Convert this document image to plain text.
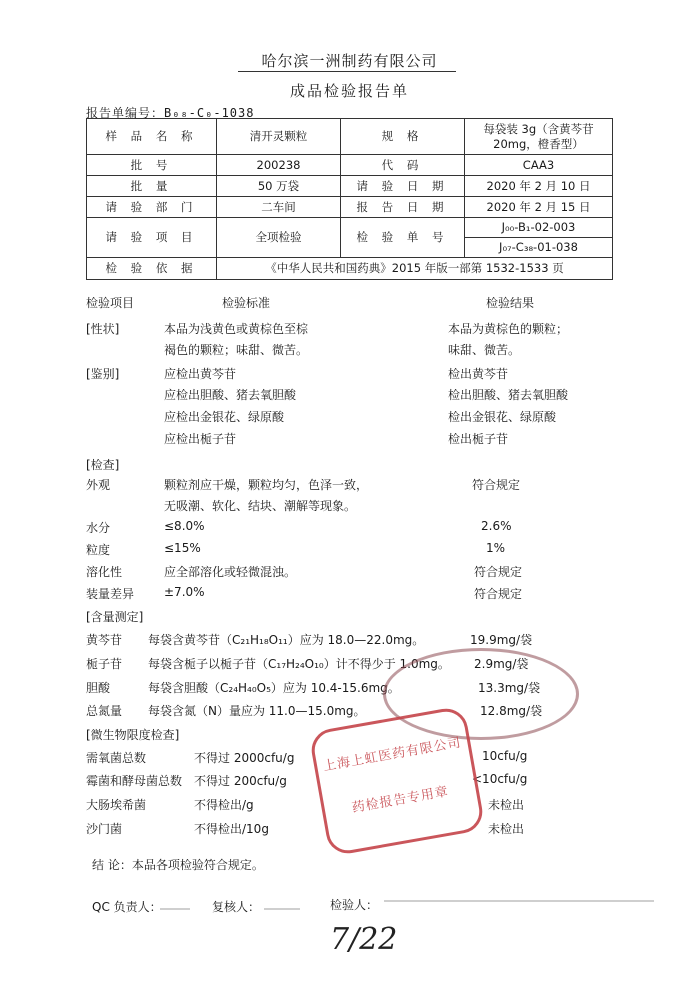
哈尔滨一洲制药有限公司
成品检验报告单
报告单编号：B₀₈-C₀-1038
样 品 名 称	清开灵颗粒	规 格	每袋装 3g（含黄芩苷
20mg，橙香型）

批 号	200238	代 码	CAA3
批 量	50 万袋	请 验 日 期	2020 年 2 月 10 日
请 验 部 门	二车间	报 告 日 期	2020 年 2 月 15 日
请 验 项 目	全项检验	检 验 单 号	J₀₀-B₁-02-003
J₀₇-C₃₈-01-038

检 验 依 据	《中华人民共和国药典》2015 年版一部第 1532-1533 页		
检验项目	检验标准	检验结果
[性状]	本品为浅黄色或黄棕色至棕
褐色的颗粒；味甜、微苦。
本品为黄棕色的颗粒；
味甜、微苦。
[鉴别]	应检出黄芩苷	检出黄芩苷
应检出胆酸、猪去氧胆酸	检出胆酸、猪去氧胆酸
应检出金银花、绿原酸	检出金银花、绿原酸
应检出栀子苷	检出栀子苷
[检查]
外观	颗粒剂应干燥，颗粒均匀，色泽一致，
无吸潮、软化、结块、潮解等现象。
符合规定
水分	≤8.0%	2.6%
粒度	≤15%	1%
溶化性	应全部溶化或轻微混浊。	符合规定
装量差异 ±7.0%	符合规定
[含量测定]
黄芩苷 每袋含黄芩苷（C₂₁H₁₈O₁₁）应为 18.0—22.0mg。	19.9mg/袋
栀子苷 每袋含栀子以栀子苷（C₁₇H₂₄O₁₀）计不得少于 1.0mg。 2.9mg/袋
胆酸	每袋含胆酸（C₂₄H₄₀O₅）应为 10.4-15.6mg。	13.3mg/袋
总氮量 每袋含氮（N）量应为 11.0—15.0mg。	12.8mg/袋
[微生物限度检查]
需氧菌总数	不得过 2000cfu/g	10cfu/g
霉菌和酵母菌总数 不得过 200cfu/g	<10cfu/g
大肠埃希菌	不得检出/g	未检出
沙门菌	不得检出/10g	未检出
结 论：本品各项检验符合规定。
QC 负责人：	复核人：	检验人：
7/22
上海上虹医药有限公司
药检报告专用章
